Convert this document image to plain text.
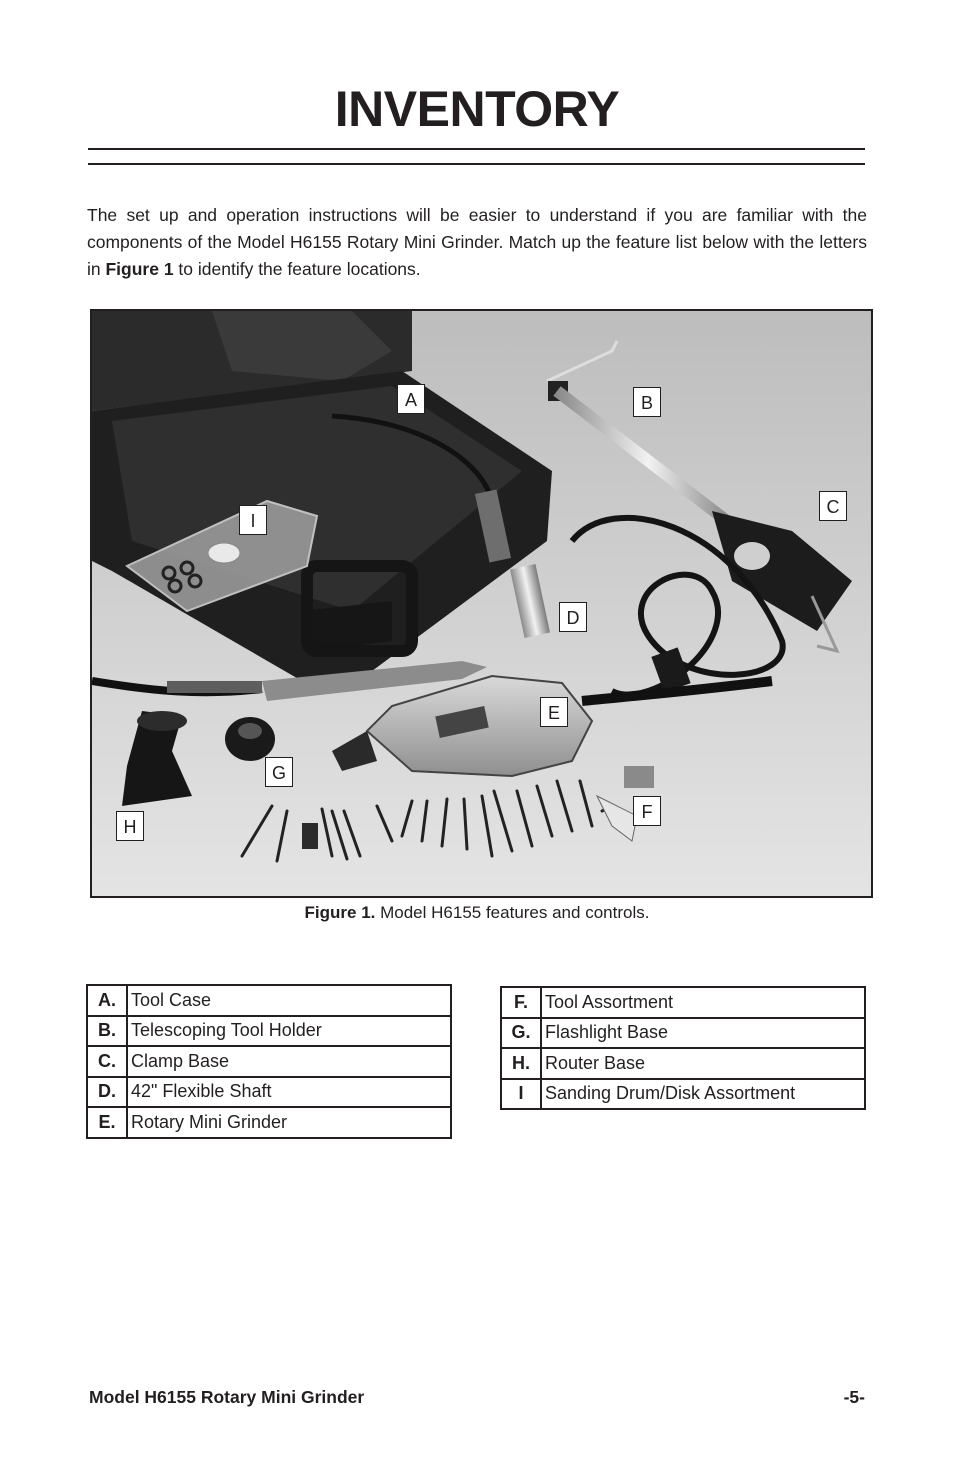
INVENTORY

The set up and operation instructions will be easier to understand if you are familiar with the components of the Model H6155 Rotary Mini Grinder. Match up the feature list below with the letters in Figure 1 to identify the feature locations.

A	B
C
D
E
F
G
H
I
Figure 1. Model H6155 features and controls.
A.	Tool Case
B.	Telescoping Tool Holder
C.	Clamp Base
D.	42" Flexible Shaft
E.	Rotary Mini Grinder
F.	Tool Assortment
G.	Flashlight Base
H.	Router Base
I	Sanding Drum/Disk Assortment
Model H6155 Rotary Mini Grinder	-5-
